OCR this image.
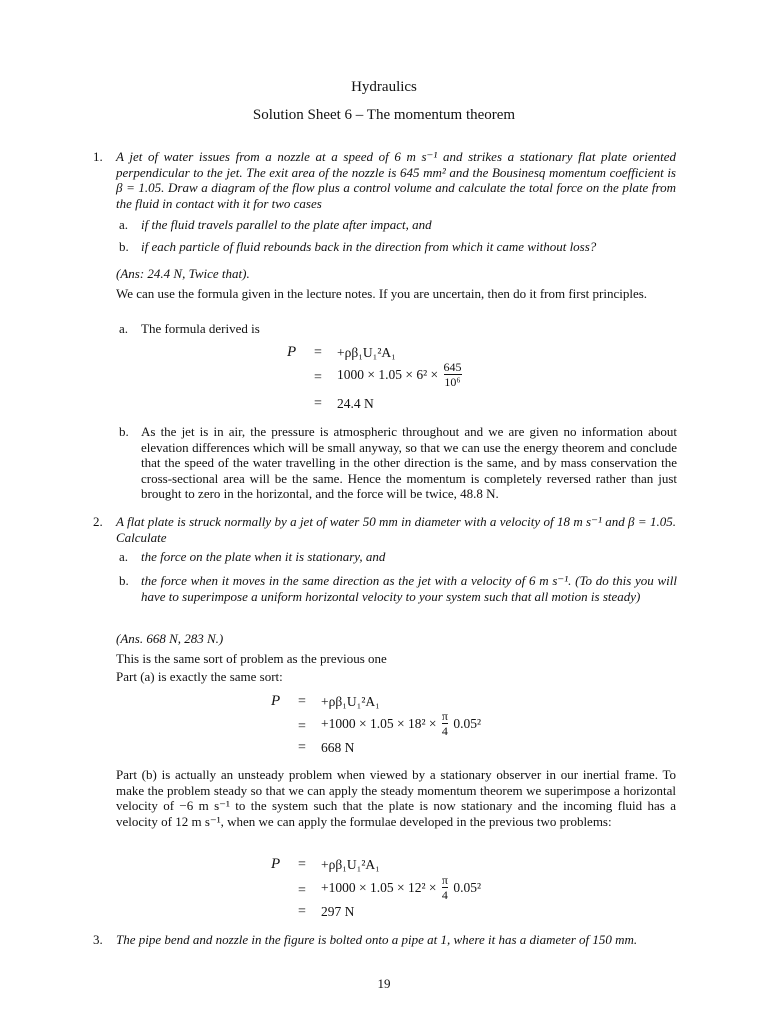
Hydraulics
Solution Sheet 6 – The momentum theorem
1. A jet of water issues from a nozzle at a speed of 6 m s⁻¹ and strikes a stationary flat plate oriented perpendicular to the jet. The exit area of the nozzle is 645 mm² and the Bousinesq momentum coefficient is β = 1.05. Draw a diagram of the flow plus a control volume and calculate the total force on the plate from the fluid in contact with it for two cases
a. if the fluid travels parallel to the plate after impact, and
b. if each particle of fluid rebounds back in the direction from which it came without loss?
(Ans: 24.4 N, Twice that).
We can use the formula given in the lecture notes. If you are uncertain, then do it from first principles.
a. The formula derived is
P = +ρβ₁U₁²A₁
= $1000 \times 1.05 \times 6^2 \times \frac{645}{\text{10⁶}}$
= 24.4 N
b. As the jet is in air, the pressure is atmospheric throughout and we are given no information about elevation differences which will be small anyway, so that we can use the energy theorem and conclude that the speed of the water travelling in the other direction is the same, and by mass conservation the cross-sectional area will be the same. Hence the momentum is completely reversed rather than just brought to zero in the horizontal, and the force will be twice, 48.8 N.
2. A flat plate is struck normally by a jet of water 50 mm in diameter with a velocity of 18 m s⁻¹ and β = 1.05. Calculate
a. the force on the plate when it is stationary, and
b. the force when it moves in the same direction as the jet with a velocity of 6 m s⁻¹. (To do this you will have to superimpose a uniform horizontal velocity to your system such that all motion is steady)
(Ans. 668 N, 283 N.)
This is the same sort of problem as the previous one
Part (a) is exactly the same sort:
P = +ρβ₁U₁²A₁
= $+1000 \times 1.05 \times 18^2 \times \frac{\pi}{4} 0.05^2$
= 668 N
Part (b) is actually an unsteady problem when viewed by a stationary observer in our inertial frame. To make the problem steady so that we can apply the steady momentum theorem we superimpose a horizontal velocity of −6 m s⁻¹ to the system such that the plate is now stationary and the incoming fluid has a velocity of 12 m s⁻¹, when we can apply the formulae developed in the previous two problems:
P = +ρβ₁U₁²A₁
= $+1000 \times 1.05 \times 12^2 \times \frac{\pi}{4} 0.05^2$
= 297 N
3. The pipe bend and nozzle in the figure is bolted onto a pipe at 1, where it has a diameter of 150 mm.
19
